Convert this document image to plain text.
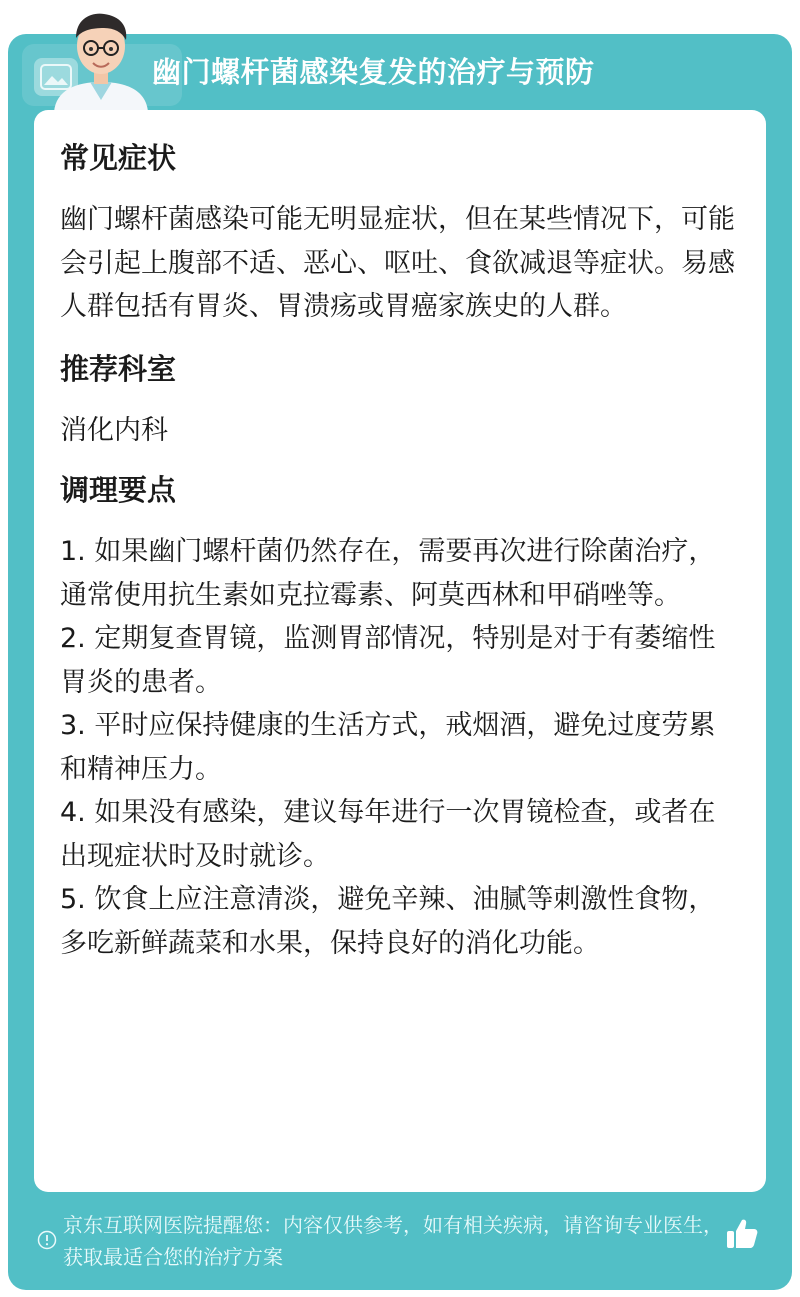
幽门螺杆菌感染复发的治疗与预防
常见症状

幽门螺杆菌感染可能无明显症状，但在某些情况下，可能会引起上腹部不适、恶心、呕吐、食欲减退等症状。易感人群包括有胃炎、胃溃疡或胃癌家族史的人群。

推荐科室

消化内科

调理要点

1. 如果幽门螺杆菌仍然存在，需要再次进行除菌治疗，通常使用抗生素如克拉霉素、阿莫西林和甲硝唑等。

2. 定期复查胃镜，监测胃部情况，特别是对于有萎缩性胃炎的患者。

3. 平时应保持健康的生活方式，戒烟酒，避免过度劳累和精神压力。

4. 如果没有感染，建议每年进行一次胃镜检查，或者在出现症状时及时就诊。

5. 饮食上应注意清淡，避免辛辣、油腻等刺激性食物，多吃新鲜蔬菜和水果，保持良好的消化功能。

京东互联网医院提醒您：内容仅供参考，如有相关疾病，请咨询专业医生，获取最适合您的治疗方案
